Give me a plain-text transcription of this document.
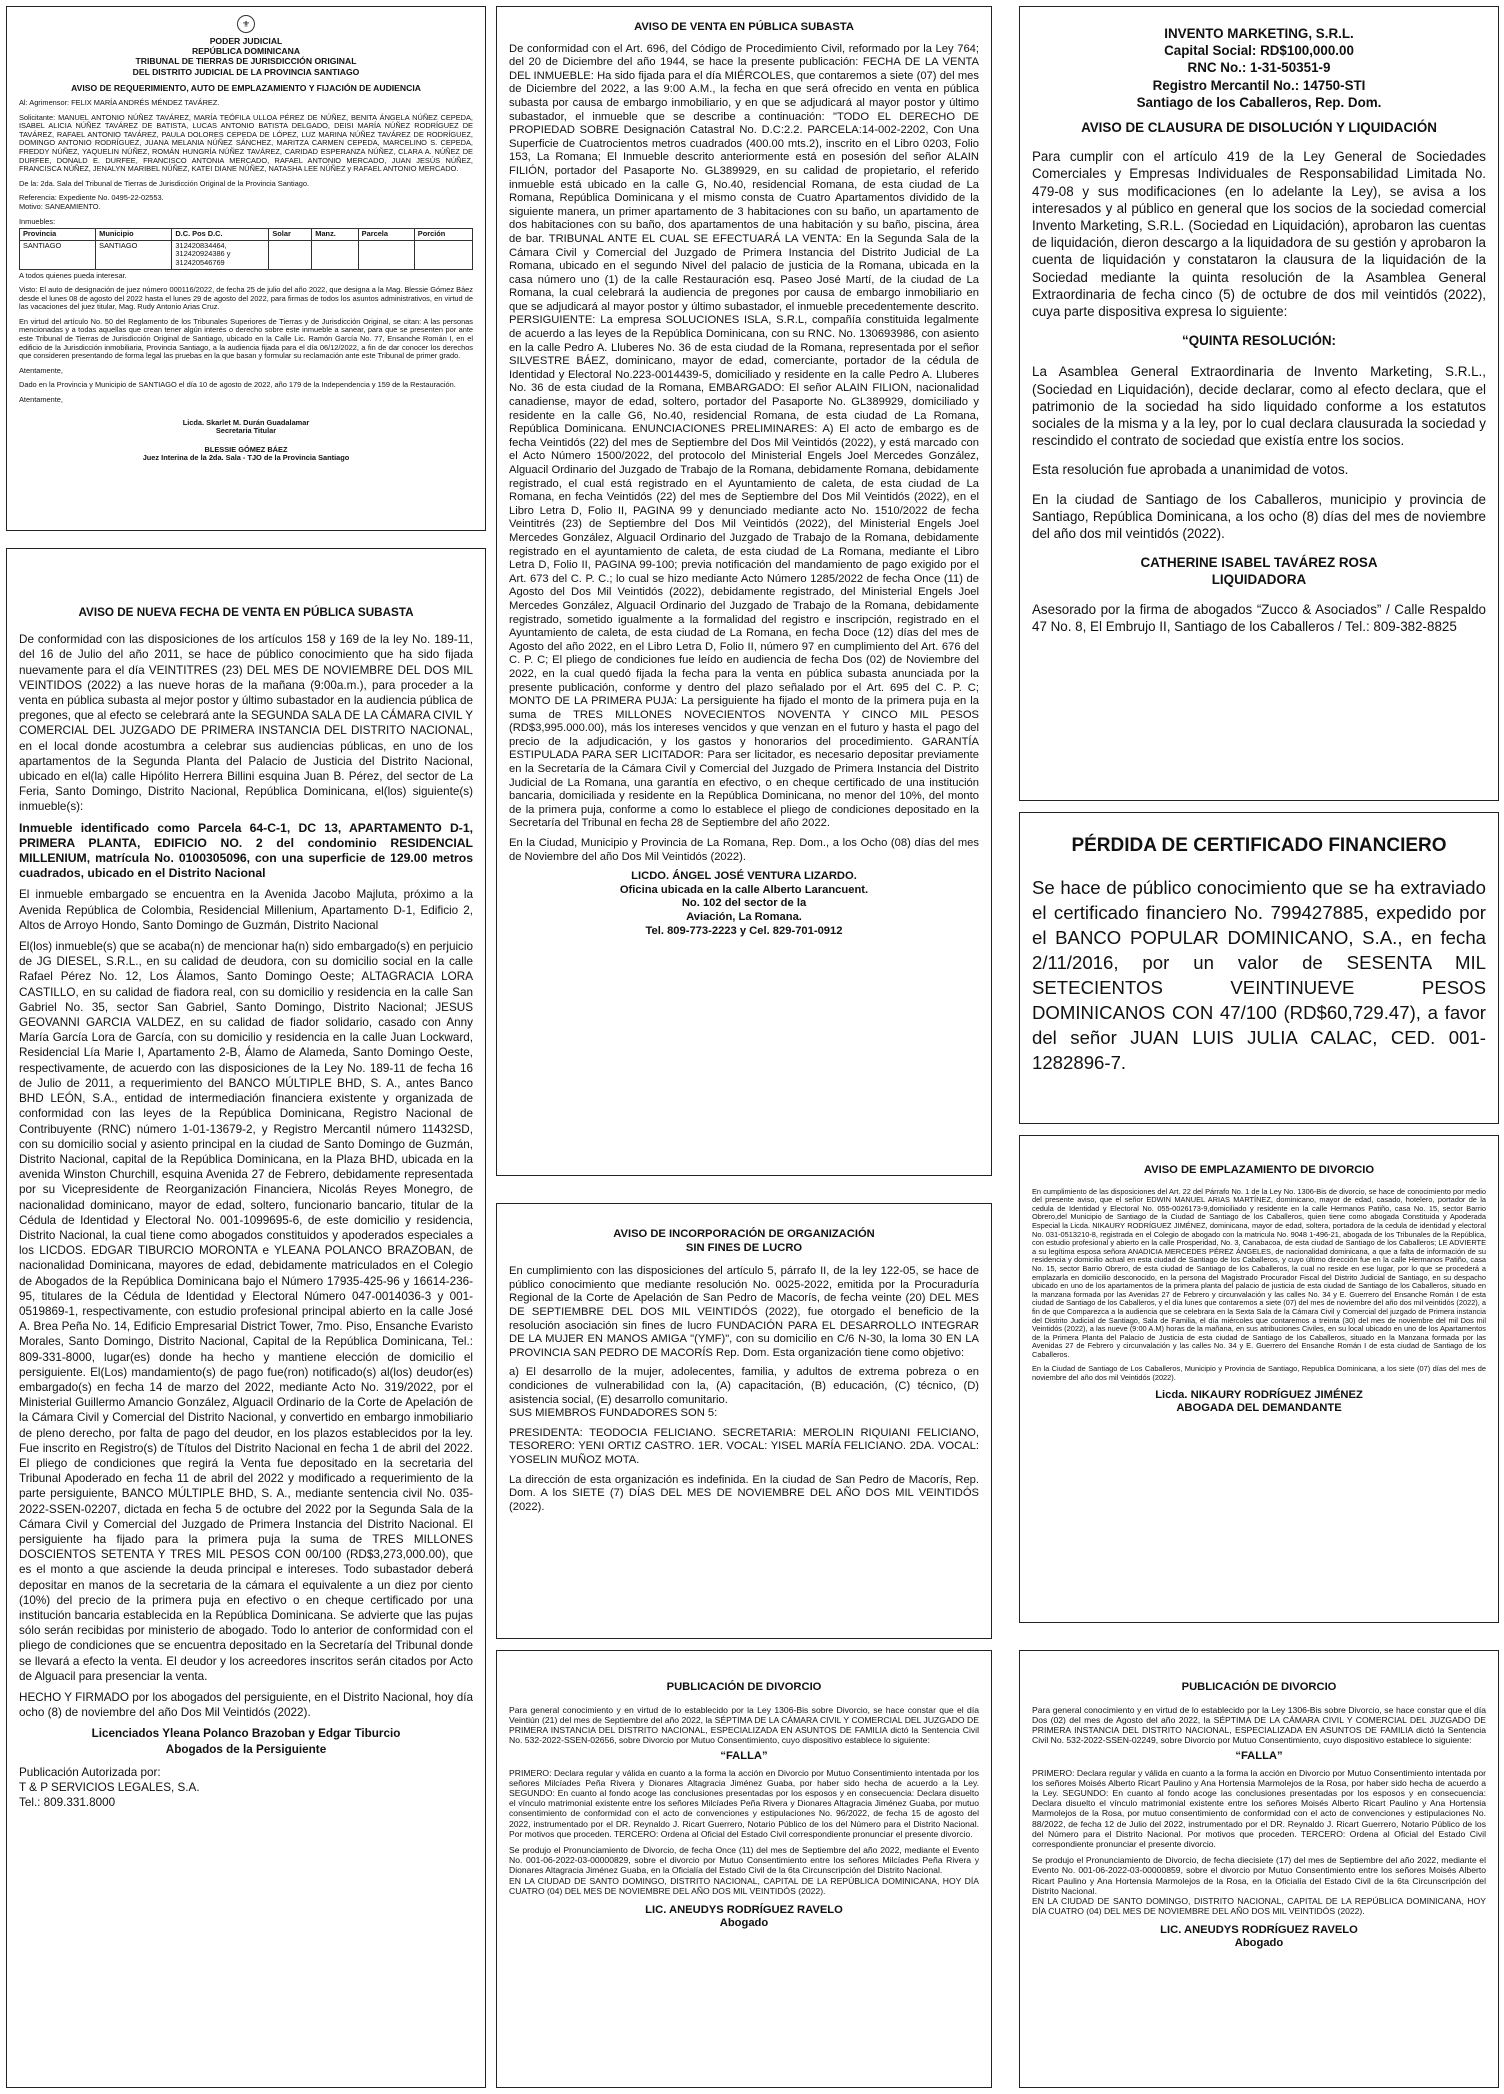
⚜
PODER JUDICIAL
REPÚBLICA DOMINICANA
TRIBUNAL DE TIERRAS DE JURISDICCIÓN ORIGINAL
DEL DISTRITO JUDICIAL DE LA PROVINCIA SANTIAGO
AVISO DE REQUERIMIENTO, AUTO DE EMPLAZAMIENTO Y FIJACIÓN DE AUDIENCIA

Al: Agrimensor: FELIX MARÍA ANDRÉS MÉNDEZ TAVÁREZ.

Solicitante: MANUEL ANTONIO NÚÑEZ TAVÁREZ, MARÍA TEÓFILA ULLOA PÉREZ DE NÚÑEZ, BENITA ÁNGELA NÚÑEZ CEPEDA, ISABEL ALICIA NÚÑEZ TAVÁREZ DE BATISTA, LUCAS ANTONIO BATISTA DELGADO, DEISI MARÍA NÚÑEZ RODRÍGUEZ DE TAVÁREZ, RAFAEL ANTONIO TAVÁREZ, PAULA DOLORES CEPEDA DE LÓPEZ, LUZ MARINA NÚÑEZ TAVÁREZ DE RODRÍGUEZ, DOMINGO ANTONIO RODRÍGUEZ, JUANA MELANIA NÚÑEZ SÁNCHEZ, MARITZA CARMEN CEPEDA, MARCELINO S. CEPEDA, FREDDY NÚÑEZ, YAQUELIN NÚÑEZ, ROMÁN HUNGRÍA NÚÑEZ TAVÁREZ, CARIDAD ESPERANZA NÚÑEZ, CLARA A. NÚÑEZ DE DURFEE, DONALD E. DURFEE, FRANCISCO ANTONIA MERCADO, RAFAEL ANTONIO MERCADO, JUAN JESÚS NÚÑEZ, FRANCISCA NÚÑEZ, JENALYN MARIBEL NÚÑEZ, KATEI DIANE NÚÑEZ, NATASHA LEE NÚÑEZ y RAFAEL ANTONIO MERCADO.

De la: 2da. Sala del Tribunal de Tierras de Jurisdicción Original de la Provincia Santiago.

Referencia: Expediente No. 0495-22-02553.

Motivo: SANEAMIENTO.

Inmuebles:

Provincia	Municipio	D.C. Pos D.C.	Solar	Manz.	Parcela	Porción
SANTIAGO	SANTIAGO	312420834464, 312420924386 y 312420546769				

A todos quienes pueda interesar.

Visto: El auto de designación de juez número 000116/2022, de fecha 25 de julio del año 2022, que designa a la Mag. Blessie Gómez Báez desde el lunes 08 de agosto del 2022 hasta el lunes 29 de agosto del 2022, para firmas de todos los asuntos administrativos, en virtud de las vacaciones del juez titular, Mag. Rudy Antonio Arias Cruz.

En virtud del artículo No. 50 del Reglamento de los Tribunales Superiores de Tierras y de Jurisdicción Original, se citan: A las personas mencionadas y a todas aquellas que crean tener algún interés o derecho sobre este inmueble a sanear, para que se presenten por ante este Tribunal de Tierras de Jurisdicción Original de Santiago, ubicado en la Calle Lic. Ramón García No. 77, Ensanche Román I, en el edificio de la Jurisdicción inmobiliaria, Provincia Santiago, a la audiencia fijada para el día 06/12/2022, a fin de dar conocer los derechos que consideren presentando de forma legal las pruebas en la que basan y formular su reclamación ante este Tribunal de primer grado.

Atentamente,

Dado en la Provincia y Municipio de SANTIAGO el día 10 de agosto de 2022, año 179 de la Independencia y 159 de la Restauración.

Atentamente,

Licda. Skarlet M. Durán Guadalamar
Secretaria Titular
BLESSIE GÓMEZ BÁEZ
Juez Interina de la 2da. Sala - TJO de la Provincia Santiago
AVISO DE NUEVA FECHA DE VENTA EN PÚBLICA SUBASTA

De conformidad con las disposiciones de los artículos 158 y 169 de la ley No. 189-11, del 16 de Julio del año 2011, se hace de público conocimiento que ha sido fijada nuevamente para el día VEINTITRES (23) DEL MES DE NOVIEMBRE DEL DOS MIL VEINTIDOS (2022) a las nueve horas de la mañana (9:00a.m.), para proceder a la venta en pública subasta al mejor postor y último subastador en la audiencia pública de pregones, que al efecto se celebrará ante la SEGUNDA SALA DE LA CÁMARA CIVIL Y COMERCIAL DEL JUZGADO DE PRIMERA INSTANCIA DEL DISTRITO NACIONAL, en el local donde acostumbra a celebrar sus audiencias públicas, en uno de los apartamentos de la Segunda Planta del Palacio de Justicia del Distrito Nacional, ubicado en el(la) calle Hipólito Herrera Billini esquina Juan B. Pérez, del sector de La Feria, Santo Domingo, Distrito Nacional, República Dominicana, el(los) siguiente(s) inmueble(s):

Inmueble identificado como Parcela 64-C-1, DC 13, APARTAMENTO D-1, PRIMERA PLANTA, EDIFICIO NO. 2 del condominio RESIDENCIAL MILLENIUM, matrícula No. 0100305096, con una superficie de 129.00 metros cuadrados, ubicado en el Distrito Nacional

El inmueble embargado se encuentra en la Avenida Jacobo Majluta, próximo a la Avenida República de Colombia, Residencial Millenium, Apartamento D-1, Edificio 2, Altos de Arroyo Hondo, Santo Domingo de Guzmán, Distrito Nacional

El(los) inmueble(s) que se acaba(n) de mencionar ha(n) sido embargado(s) en perjuicio de JG DIESEL, S.R.L., en su calidad de deudora, con su domicilio social en la calle Rafael Pérez No. 12, Los Álamos, Santo Domingo Oeste; ALTAGRACIA LORA CASTILLO, en su calidad de fiadora real, con su domicilio y residencia en la calle San Gabriel No. 35, sector San Gabriel, Santo Domingo, Distrito Nacional; JESUS GEOVANNI GARCIA VALDEZ, en su calidad de fiador solidario, casado con Anny María García Lora de García, con su domicilio y residencia en la calle Juan Lockward, Residencial Lía Marie I, Apartamento 2-B, Álamo de Alameda, Santo Domingo Oeste, respectivamente, de acuerdo con las disposiciones de la Ley No. 189-11 de fecha 16 de Julio de 2011, a requerimiento del BANCO MÚLTIPLE BHD, S. A., antes Banco BHD LEÓN, S.A., entidad de intermediación financiera existente y organizada de conformidad con las leyes de la República Dominicana, Registro Nacional de Contribuyente (RNC) número 1-01-13679-2, y Registro Mercantil número 11432SD, con su domicilio social y asiento principal en la ciudad de Santo Domingo de Guzmán, Distrito Nacional, capital de la República Dominicana, en la Plaza BHD, ubicada en la avenida Winston Churchill, esquina Avenida 27 de Febrero, debidamente representada por su Vicepresidente de Reorganización Financiera, Nicolás Reyes Monegro, de nacionalidad dominicano, mayor de edad, soltero, funcionario bancario, titular de la Cédula de Identidad y Electoral No. 001-1099695-6, de este domicilio y residencia, Distrito Nacional, la cual tiene como abogados constituidos y apoderados especiales a los LICDOS. EDGAR TIBURCIO MORONTA e YLEANA POLANCO BRAZOBAN, de nacionalidad Dominicana, mayores de edad, debidamente matriculados en el Colegio de Abogados de la República Dominicana bajo el Número 17935-425-96 y 16614-236-95, titulares de la Cédula de Identidad y Electoral Número 047-0014036-3 y 001-0519869-1, respectivamente, con estudio profesional principal abierto en la calle José A. Brea Peña No. 14, Edificio Empresarial District Tower, 7mo. Piso, Ensanche Evaristo Morales, Santo Domingo, Distrito Nacional, Capital de la República Dominicana, Tel.: 809-331-8000, lugar(es) donde ha hecho y mantiene elección de domicilio el persiguiente. El(Los) mandamiento(s) de pago fue(ron) notificado(s) al(los) deudor(es) embargado(s) en fecha 14 de marzo del 2022, mediante Acto No. 319/2022, por el Ministerial Guillermo Amancio González, Alguacil Ordinario de la Corte de Apelación de la Cámara Civil y Comercial del Distrito Nacional, y convertido en embargo inmobiliario de pleno derecho, por falta de pago del deudor, en los plazos establecidos por la ley. Fue inscrito en Registro(s) de Títulos del Distrito Nacional en fecha 1 de abril del 2022. El pliego de condiciones que regirá la Venta fue depositado en la secretaria del Tribunal Apoderado en fecha 11 de abril del 2022 y modificado a requerimiento de la parte persiguiente, BANCO MÚLTIPLE BHD, S. A., mediante sentencia civil No. 035-2022-SSEN-02207, dictada en fecha 5 de octubre del 2022 por la Segunda Sala de la Cámara Civil y Comercial del Juzgado de Primera Instancia del Distrito Nacional. El persiguiente ha fijado para la primera puja la suma de TRES MILLONES DOSCIENTOS SETENTA Y TRES MIL PESOS CON 00/100 (RD$3,273,000.00), que es el monto a que asciende la deuda principal e intereses. Todo subastador deberá depositar en manos de la secretaria de la cámara el equivalente a un diez por ciento (10%) del precio de la primera puja en efectivo o en cheque certificado por una institución bancaria establecida en la República Dominicana. Se advierte que las pujas sólo serán recibidas por ministerio de abogado. Todo lo anterior de conformidad con el pliego de condiciones que se encuentra depositado en la Secretaría del Tribunal donde se llevará a efecto la venta. El deudor y los acreedores inscritos serán citados por Acto de Alguacil para presenciar la venta.

HECHO Y FIRMADO por los abogados del persiguiente, en el Distrito Nacional, hoy día ocho (8) de noviembre del año Dos Mil Veintidós (2022).

Licenciados Yleana Polanco Brazoban y Edgar Tiburcio
Abogados de la Persiguiente
Publicación Autorizada por:
T & P SERVICIOS LEGALES, S.A.
Tel.: 809.331.8000
AVISO DE VENTA EN PÚBLICA SUBASTA

De conformidad con el Art. 696, del Código de Procedimiento Civil, reformado por la Ley 764; del 20 de Diciembre del año 1944, se hace la presente publicación: FECHA DE LA VENTA DEL INMUEBLE: Ha sido fijada para el día MIÉRCOLES, que contaremos a siete (07) del mes de Diciembre del 2022, a las 9:00 A.M., la fecha en que será ofrecido en venta en pública subasta por causa de embargo inmobiliario, y en que se adjudicará al mayor postor y último subastador, el inmueble que se describe a continuación: "TODO EL DERECHO DE PROPIEDAD SOBRE Designación Catastral No. D.C:2.2. PARCELA:14-002-2202, Con Una Superficie de Cuatrocientos metros cuadrados (400.00 mts.2), inscrito en el Libro 0203, Folio 153, La Romana; El Inmueble descrito anteriormente está en posesión del señor ALAIN FILIÓN, portador del Pasaporte No. GL389929, en su calidad de propietario, el referido inmueble está ubicado en la calle G, No.40, residencial Romana, de esta ciudad de La Romana, República Dominicana y el mismo consta de Cuatro Apartamentos dividido de la siguiente manera, un primer apartamento de 3 habitaciones con su baño, un apartamento de dos habitaciones con su baño, dos apartamentos de una habitación y su baño, piscina, área de bar. TRIBUNAL ANTE EL CUAL SE EFECTUARÁ LA VENTA: En la Segunda Sala de la Cámara Civil y Comercial del Juzgado de Primera Instancia del Distrito Judicial de La Romana, ubicado en el segundo Nivel del palacio de justicia de la Romana, ubicada en la casa número uno (1) de la calle Restauración esq. Paseo José Martí, de la ciudad de La Romana, la cual celebrará la audiencia de pregones por causa de embargo inmobiliario en que se adjudicará al mayor postor y último subastador, el inmueble precedentemente descrito. PERSIGUIENTE: La empresa SOLUCIONES ISLA, S.R.L, compañía constituida legalmente de acuerdo a las leyes de la República Dominicana, con su RNC. No. 130693986, con asiento en la calle Pedro A. Lluberes No. 36 de esta ciudad de la Romana, representada por el señor SILVESTRE BÁEZ, dominicano, mayor de edad, comerciante, portador de la cédula de Identidad y Electoral No.223-0014439-5, domiciliado y residente en la calle Pedro A. Lluberes No. 36 de esta ciudad de la Romana, EMBARGADO: El señor ALAIN FILION, nacionalidad canadiense, mayor de edad, soltero, portador del Pasaporte No. GL389929, domiciliado y residente en la calle G6, No.40, residencial Romana, de esta ciudad de La Romana, República Dominicana. ENUNCIACIONES PRELIMINARES: A) El acto de embargo es de fecha Veintidós (22) del mes de Septiembre del Dos Mil Veintidós (2022), y está marcado con el Acto Número 1500/2022, del protocolo del Ministerial Engels Joel Mercedes González, Alguacil Ordinario del Juzgado de Trabajo de la Romana, debidamente Romana, debidamente registrado, el cual está registrado en el Ayuntamiento de caleta, de esta ciudad de La Romana, en fecha Veintidós (22) del mes de Septiembre del Dos Mil Veintidós (2022), en el Libro Letra D, Folio II, PAGINA 99 y denunciado mediante acto No. 1510/2022 de fecha Veintitrés (23) de Septiembre del Dos Mil Veintidós (2022), del Ministerial Engels Joel Mercedes González, Alguacil Ordinario del Juzgado de Trabajo de la Romana, debidamente registrado en el ayuntamiento de caleta, de esta ciudad de La Romana, mediante el Libro Letra D, Folio II, PAGINA 99-100; previa notificación del mandamiento de pago exigido por el Art. 673 del C. P. C.; lo cual se hizo mediante Acto Número 1285/2022 de fecha Once (11) de Agosto del Dos Mil Veintidós (2022), debidamente registrado, del Ministerial Engels Joel Mercedes González, Alguacil Ordinario del Juzgado de Trabajo de la Romana, debidamente registrado, sometido igualmente a la formalidad del registro e inscripción, registrado en el Ayuntamiento de caleta, de esta ciudad de La Romana, en fecha Doce (12) días del mes de Agosto del año 2022, en el Libro Letra D, Folio II, número 97 en cumplimiento del Art. 676 del C. P. C; El pliego de condiciones fue leído en audiencia de fecha Dos (02) de Noviembre del 2022, en la cual quedó fijada la fecha para la venta en pública subasta anunciada por la presente publicación, conforme y dentro del plazo señalado por el Art. 695 del C. P. C; MONTO DE LA PRIMERA PUJA: La persiguiente ha fijado el monto de la primera puja en la suma de TRES MILLONES NOVECIENTOS NOVENTA Y CINCO MIL PESOS (RD$3,995.000.00), más los intereses vencidos y que venzan en el futuro y hasta el pago del precio de la adjudicación, y los gastos y honorarios del procedimiento. GARANTÍA ESTIPULADA PARA SER LICITADOR: Para ser licitador, es necesario depositar previamente en la Secretaría de la Cámara Civil y Comercial del Juzgado de Primera Instancia del Distrito Judicial de La Romana, una garantía en efectivo, o en cheque certificado de una institución bancaria, domiciliada y residente en la República Dominicana, no menor del 10%, del monto de la primera puja, conforme a como lo establece el pliego de condiciones depositado en la Secretaría del Tribunal en fecha 28 de Septiembre del año 2022.

En la Ciudad, Municipio y Provincia de La Romana, Rep. Dom., a los Ocho (08) días del mes de Noviembre del año Dos Mil Veintidós (2022).

LICDO. ÁNGEL JOSÉ VENTURA LIZARDO.
Oficina ubicada en la calle Alberto Larancuent.
No. 102 del sector de la
Aviación, La Romana.
Tel. 809-773-2223 y Cel. 829-701-0912
AVISO DE INCORPORACIÓN DE ORGANIZACIÓN
SIN FINES DE LUCRO

En cumplimiento con las disposiciones del artículo 5, párrafo II, de la ley 122-05, se hace de público conocimiento que mediante resolución No. 0025-2022, emitida por la Procuraduría Regional de la Corte de Apelación de San Pedro de Macorís, de fecha veinte (20) DEL MES DE SEPTIEMBRE DEL DOS MIL VEINTIDÓS (2022), fue otorgado el beneficio de la resolución asociación sin fines de lucro FUNDACIÓN PARA EL DESARROLLO INTEGRAR DE LA MUJER EN MANOS AMIGA "(YMF)", con su domicilio en C/6 N-30, la loma 30 EN LA PROVINCIA SAN PEDRO DE MACORÍS Rep. Dom. Esta organización tiene como objetivo:

a) El desarrollo de la mujer, adolecentes, familia, y adultos de extrema pobreza o en condiciones de vulnerabilidad con la, (A) capacitación, (B) educación, (C) técnico, (D) asistencia social, (E) desarrollo comunitario.

SUS MIEMBROS FUNDADORES SON 5:

PRESIDENTA: TEODOCIA FELICIANO. SECRETARIA: MEROLIN RIQUIANI FELICIANO, TESORERO: YENI ORTIZ CASTRO. 1ER. VOCAL: YISEL MARÍA FELICIANO. 2DA. VOCAL: YOSELIN MUÑOZ MOTA.

La dirección de esta organización es indefinida. En la ciudad de San Pedro de Macorís, Rep. Dom. A los SIETE (7) DÍAS DEL MES DE NOVIEMBRE DEL AÑO DOS MIL VEINTIDÓS (2022).

PUBLICACIÓN DE DIVORCIO

Para general conocimiento y en virtud de lo establecido por la Ley 1306-Bis sobre Divorcio, se hace constar que el día Veintiún (21) del mes de Septiembre del año 2022, la SÉPTIMA DE LA CÁMARA CIVIL Y COMERCIAL DEL JUZGADO DE PRIMERA INSTANCIA DEL DISTRITO NACIONAL, ESPECIALIZADA EN ASUNTOS DE FAMILIA dictó la Sentencia Civil No. 532-2022-SSEN-02656, sobre Divorcio por Mutuo Consentimiento, cuyo dispositivo establece lo siguiente:

“FALLA”

PRIMERO: Declara regular y válida en cuanto a la forma la acción en Divorcio por Mutuo Consentimiento intentada por los señores Milcíades Peña Rivera y Dionares Altagracia Jiménez Guaba, por haber sido hecha de acuerdo a la Ley. SEGUNDO: En cuanto al fondo acoge las conclusiones presentadas por los esposos y en consecuencia: Declara disuelto el vínculo matrimonial existente entre los señores Milcíades Peña Rivera y Dionares Altagracia Jiménez Guaba, por mutuo consentimiento de conformidad con el acto de convenciones y estipulaciones No. 96/2022, de fecha 15 de agosto del 2022, instrumentado por el DR. Reynaldo J. Ricart Guerrero, Notario Público de los del Número para el Distrito Nacional. Por motivos que proceden. TERCERO: Ordena al Oficial del Estado Civil correspondiente pronunciar el presente divorcio.

Se produjo el Pronunciamiento de Divorcio, de fecha Once (11) del mes de Septiembre del año 2022, mediante el Evento No. 001-06-2022-03-00000829, sobre el divorcio por Mutuo Consentimiento entre los señores Milcíades Peña Rivera y Dionares Altagracia Jiménez Guaba, en la Oficialía del Estado Civil de la 6ta Circunscripción del Distrito Nacional.

EN LA CIUDAD DE SANTO DOMINGO, DISTRITO NACIONAL, CAPITAL DE LA REPÚBLICA DOMINICANA, HOY DÍA CUATRO (04) DEL MES DE NOVIEMBRE DEL AÑO DOS MIL VEINTIDÓS (2022).

LIC. ANEUDYS RODRÍGUEZ RAVELO
Abogado
INVENTO MARKETING, S.R.L.
Capital Social: RD$100,000.00
RNC No.: 1-31-50351-9
Registro Mercantil No.: 14750-STI
Santiago de los Caballeros, Rep. Dom.
AVISO DE CLAUSURA DE DISOLUCIÓN Y LIQUIDACIÓN

Para cumplir con el artículo 419 de la Ley General de Sociedades Comerciales y Empresas Individuales de Responsabilidad Limitada No. 479-08 y sus modificaciones (en lo adelante la Ley), se avisa a los interesados y al público en general que los socios de la sociedad comercial Invento Marketing, S.R.L. (Sociedad en Liquidación), aprobaron las cuentas de liquidación, dieron descargo a la liquidadora de su gestión y aprobaron la cuenta de liquidación y constataron la clausura de la liquidación de la Sociedad mediante la quinta resolución de la Asamblea General Extraordinaria de fecha cinco (5) de octubre de dos mil veintidós (2022), cuya parte dispositiva expresa lo siguiente:

“QUINTA RESOLUCIÓN:

La Asamblea General Extraordinaria de Invento Marketing, S.R.L., (Sociedad en Liquidación), decide declarar, como al efecto declara, que el patrimonio de la sociedad ha sido liquidado conforme a los estatutos sociales de la misma y a la ley, por lo cual declara clausurada la sociedad y rescindido el contrato de sociedad que existía entre los socios.

Esta resolución fue aprobada a unanimidad de votos.

En la ciudad de Santiago de los Caballeros, municipio y provincia de Santiago, República Dominicana, a los ocho (8) días del mes de noviembre del año dos mil veintidós (2022).

CATHERINE ISABEL TAVÁREZ ROSA
LIQUIDADORA

Asesorado por la firma de abogados “Zucco & Asociados” / Calle Respaldo 47 No. 8, El Embrujo II, Santiago de los Caballeros / Tel.: 809-382-8825

PÉRDIDA DE CERTIFICADO FINANCIERO
Se hace de público conocimiento que se ha extraviado el certificado financiero No. 799427885, expedido por el BANCO POPULAR DOMINICANO, S.A., en fecha 2/11/2016, por un valor de SESENTA MIL SETECIENTOS VEINTINUEVE PESOS DOMINICANOS CON 47/100 (RD$60,729.47), a favor del señor JUAN LUIS JULIA CALAC, CED. 001-1282896-7.
AVISO DE EMPLAZAMIENTO DE DIVORCIO

En cumplimiento de las disposiciones del Art. 22 del Párrafo No. 1 de la Ley No. 1306-Bis de divorcio, se hace de conocimiento por medio del presente aviso, que el señor EDWIN MANUEL ARIAS MARTÍNEZ, dominicano, mayor de edad, casado, hotelero, portador de la cedula de Identidad y Electoral No. 055-0026173-9,domiciliado y residente en la calle Hermanos Patiño, casa No. 15, sector Barrio Obrero,del Municipio de Santiago de la Ciudad de Santiago de los Caballeros, quien tiene como abogada Constituida y Apoderada Especial la Licda. NIKAURY RODRÍGUEZ JIMÉNEZ, dominicana, mayor de edad, soltera, portadora de la cedula de identidad y electoral No. 031-0513210-8, registrada en el Colegio de abogado con la matricula No. 9048 1-496-21, abogada de los Tribunales de la República, con estudio profesional y abierto en la calle Prosperidad, No. 3, Canabacoa, de esta ciudad de Santiago de los Caballeros; LE ADVIERTE a su legítima esposa señora ANADICIA MERCEDES PÉREZ ÁNGELES, de nacionalidad dominicana, a que a falta de información de su residencia y domicilio actual en esta ciudad de Santiago de los Caballeros, y cuyo último dirección fue en la calle Hermanos Patiño, casa No. 15, sector Barrio Obrero, de esta ciudad de Santiago de los Caballeros, la cual no reside en ese lugar, por lo que se procederá a emplazarla en domicilio desconocido, en la persona del Magistrado Procurador Fiscal del Distrito Judicial de Santiago, en su despacho ubicado en uno de los apartamentos de la primera planta del palacio de justicia de esta ciudad de Santiago de los Caballeros, situado en la manzana formada por las Avenidas 27 de Febrero y circunvalación y las calles No. 34 y E. Guerrero del Ensanche Román I de esta ciudad de Santiago de los Caballeros, y el día lunes que contaremos a siete (07) del mes de noviembre del año dos mil veintidós (2022), a fin de que Comparezca a la audiencia que se celebrara en la Sexta Sala de la Cámara Civil y Comercial del juzgado de Primera instancia del Distrito Judicial de Santiago, Sala de Familia, el día miércoles que contaremos a treinta (30) del mes de noviembre del mil Dos mil Veintidós (2022), a las nueve (9:00 A.M) horas de la mañana, en sus atribuciones Civiles, en su local ubicado en uno de los Apartamentos de la Primera Planta del Palacio de Justicia de esta ciudad de Santiago de los Caballeros, situado en la Manzana formada por las Avenidas 27 de Febrero y circunvalación y las calles No. 34 y E. Guerrero del Ensanche Román I de esta ciudad de Santiago de los Caballeros.

En la Ciudad de Santiago de Los Caballeros, Municipio y Provincia de Santiago, Republica Dominicana, a los siete (07) días del mes de noviembre del año dos mil Veintidós (2022).

Licda. NIKAURY RODRÍGUEZ JIMÉNEZ
ABOGADA DEL DEMANDANTE
PUBLICACIÓN DE DIVORCIO

Para general conocimiento y en virtud de lo establecido por la Ley 1306-Bis sobre Divorcio, se hace constar que el día Dos (02) del mes de Agosto del año 2022, la SÉPTIMA DE LA CÁMARA CIVIL Y COMERCIAL DEL JUZGADO DE PRIMERA INSTANCIA DEL DISTRITO NACIONAL, ESPECIALIZADA EN ASUNTOS DE FAMILIA dictó la Sentencia Civil No. 532-2022-SSEN-02249, sobre Divorcio por Mutuo Consentimiento, cuyo dispositivo establece lo siguiente:

“FALLA”

PRIMERO: Declara regular y válida en cuanto a la forma la acción en Divorcio por Mutuo Consentimiento intentada por los señores Moisés Alberto Ricart Paulino y Ana Hortensia Marmolejos de la Rosa, por haber sido hecha de acuerdo a la Ley. SEGUNDO: En cuanto al fondo acoge las conclusiones presentadas por los esposos y en consecuencia: Declara disuelto el vínculo matrimonial existente entre los señores Moisés Alberto Ricart Paulino y Ana Hortensia Marmolejos de la Rosa, por mutuo consentimiento de conformidad con el acto de convenciones y estipulaciones No. 88/2022, de fecha 12 de Julio del 2022, instrumentado por el DR. Reynaldo J. Ricart Guerrero, Notario Público de los del Número para el Distrito Nacional. Por motivos que proceden. TERCERO: Ordena al Oficial del Estado Civil correspondiente pronunciar el presente divorcio.

Se produjo el Pronunciamiento de Divorcio, de fecha diecisiete (17) del mes de Septiembre del año 2022, mediante el Evento No. 001-06-2022-03-00000859, sobre el divorcio por Mutuo Consentimiento entre los señores Moisés Alberto Ricart Paulino y Ana Hortensia Marmolejos de la Rosa, en la Oficialía del Estado Civil de la 6ta Circunscripción del Distrito Nacional.

EN LA CIUDAD DE SANTO DOMINGO, DISTRITO NACIONAL, CAPITAL DE LA REPÚBLICA DOMINICANA, HOY DÍA CUATRO (04) DEL MES DE NOVIEMBRE DEL AÑO DOS MIL VEINTIDÓS (2022).

LIC. ANEUDYS RODRÍGUEZ RAVELO
Abogado
